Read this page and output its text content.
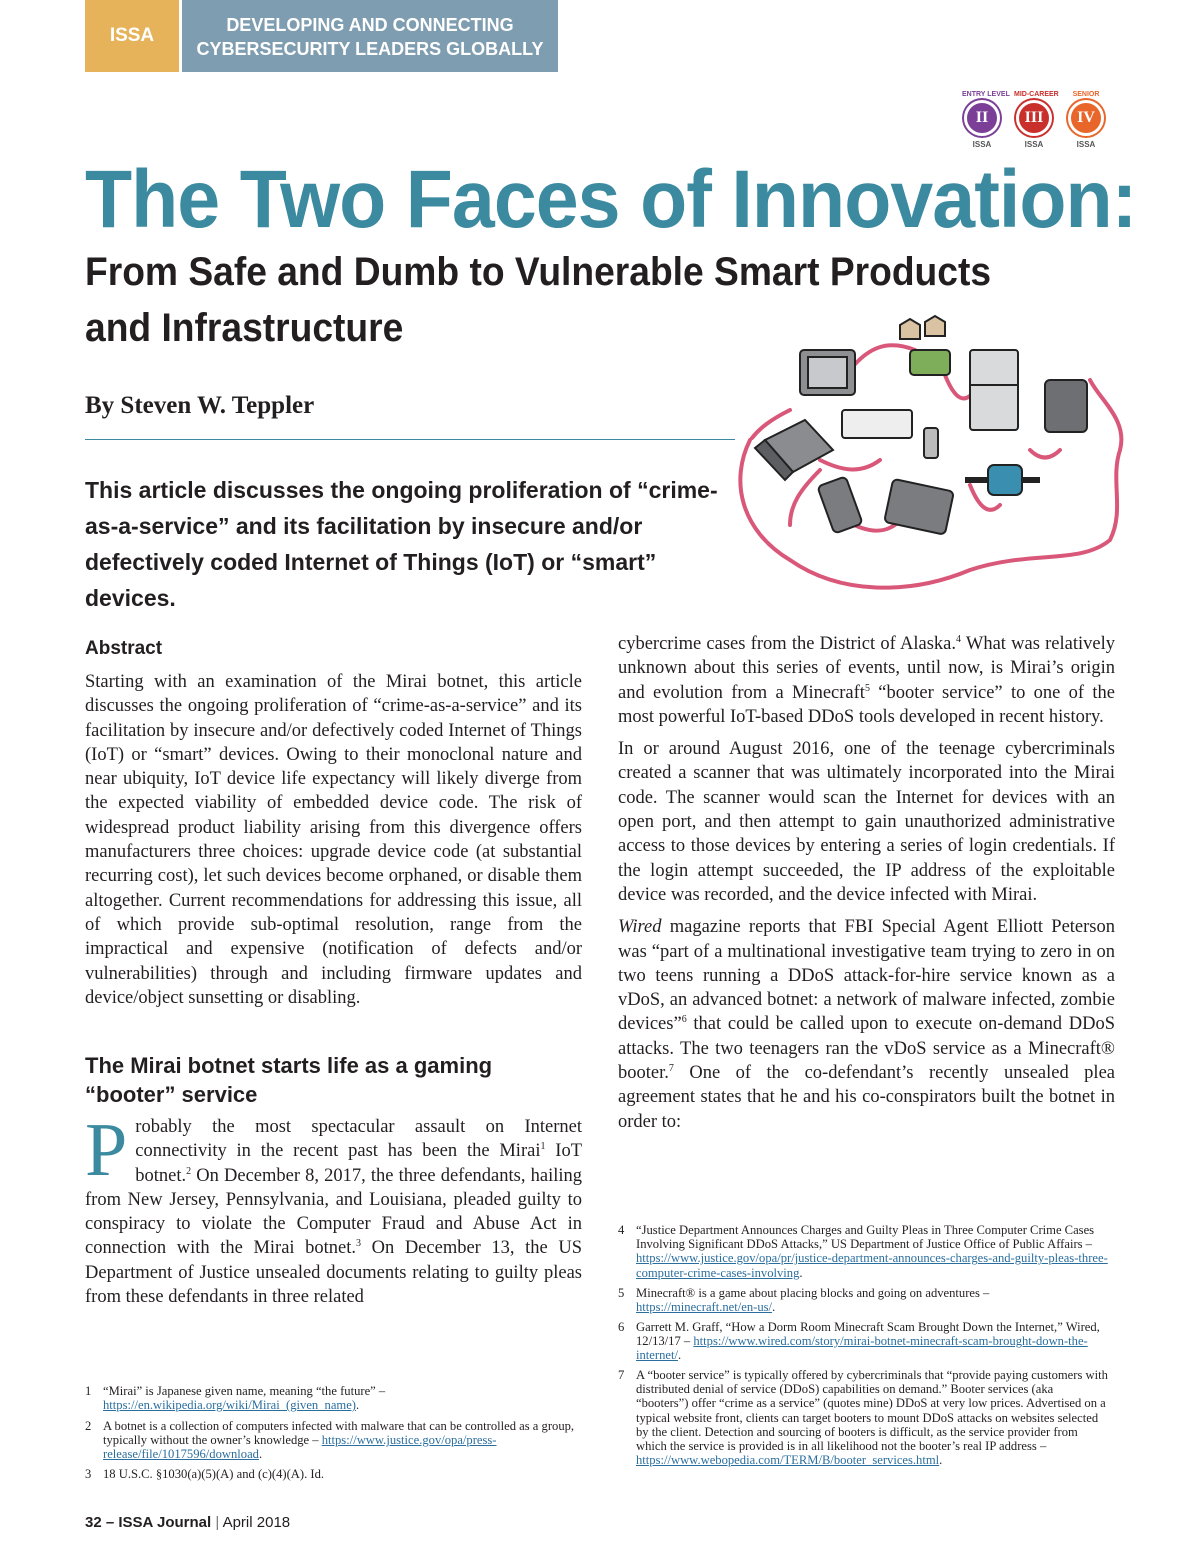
ISSA	DEVELOPING AND CONNECTING
CYBERSECURITY LEADERS GLOBALLY
ENTRY LEVEL
II
ISSA
MID-CAREER
III
ISSA
SENIOR
IV
ISSA
The Two Faces of Innovation:
From Safe and Dumb to Vulnerable Smart Products and Infrastructure
By Steven W. Teppler
This article discusses the ongoing proliferation of “crime-as-a-service” and its facilitation by insecure and/or defectively coded Internet of Things (IoT) or “smart” devices.
Abstract

Starting with an examination of the Mirai botnet, this article discusses the ongoing proliferation of “crime-as-a-service” and its facilitation by insecure and/or defectively coded Internet of Things (IoT) or “smart” devices. Owing to their monoclonal nature and near ubiquity, IoT device life expectancy will likely diverge from the expected viability of embedded device code. The risk of widespread product liability arising from this divergence offers manufacturers three choices: upgrade device code (at substantial recurring cost), let such devices become orphaned, or disable them altogether. Current recommendations for addressing this issue, all of which provide sub-optimal resolution, range from the impractical and expensive (notification of defects and/or vulnerabilities) through and including firmware updates and device/object sunsetting or disabling.

The Mirai botnet starts life as a gaming “booter” service
Probably the most spectacular assault on Internet connectivity in the recent past has been the Mirai$^1$ IoT botnet.$^2$ On December 8, 2017, the three defendants, hailing from New Jersey, Pennsylvania, and Louisiana, pleaded guilty to conspiracy to violate the Computer Fraud and Abuse Act in connection with the Mirai botnet.$^3$ On December 13, the US Department of Justice unsealed documents relating to guilty pleas from these defendants in three related

cybercrime cases from the District of Alaska.$^4$ What was relatively unknown about this series of events, until now, is Mirai’s origin and evolution from a Minecraft$^5$ “booter service” to one of the most powerful IoT-based DDoS tools developed in recent history.

In or around August 2016, one of the teenage cybercriminals created a scanner that was ultimately incorporated into the Mirai code. The scanner would scan the Internet for devices with an open port, and then attempt to gain unauthorized administrative access to those devices by entering a series of login credentials. If the login attempt succeeded, the IP address of the exploitable device was recorded, and the device infected with Mirai.

Wired magazine reports that FBI Special Agent Elliott Peterson was “part of a multinational investigative team trying to zero in on two teens running a DDoS attack-for-hire service known as a vDoS, an advanced botnet: a network of malware infected, zombie devices”$^6$ that could be called upon to execute on-demand DDoS attacks. The two teenagers ran the vDoS service as a Minecraft® booter.$^7$ One of the co-defendant’s recently unsealed plea agreement states that he and his co-conspirators built the botnet in order to:

1 “Mirai” is Japanese given name, meaning “the future” – https://en.wikipedia.org/wiki/Mirai_(given_name).
2 A botnet is a collection of computers infected with malware that can be controlled as a group, typically without the owner’s knowledge – https://www.justice.gov/opa/press-release/file/1017596/download.
3 18 U.S.C. §1030(a)(5)(A) and (c)(4)(A). Id.
4 “Justice Department Announces Charges and Guilty Pleas in Three Computer Crime Cases Involving Significant DDoS Attacks,” US Department of Justice Office of Public Affairs – https://www.justice.gov/opa/pr/justice-department-announces-charges-and-guilty-pleas-three-computer-crime-cases-involving.
5 Minecraft® is a game about placing blocks and going on adventures – https://minecraft.net/en-us/.
6 Garrett M. Graff, “How a Dorm Room Minecraft Scam Brought Down the Internet,” Wired, 12/13/17 – https://www.wired.com/story/mirai-botnet-minecraft-scam-brought-down-the-internet/.
7 A “booter service” is typically offered by cybercriminals that “provide paying customers with distributed denial of service (DDoS) capabilities on demand.” Booter services (aka “booters”) offer “crime as a service” (quotes mine) DDoS at very low prices. Advertised on a typical website front, clients can target booters to mount DDoS attacks on websites selected by the client. Detection and sourcing of booters is difficult, as the service provider from which the service is provided is in all likelihood not the booter’s real IP address – https://www.webopedia.com/TERM/B/booter_services.html.
32 – ISSA Journal | April 2018
